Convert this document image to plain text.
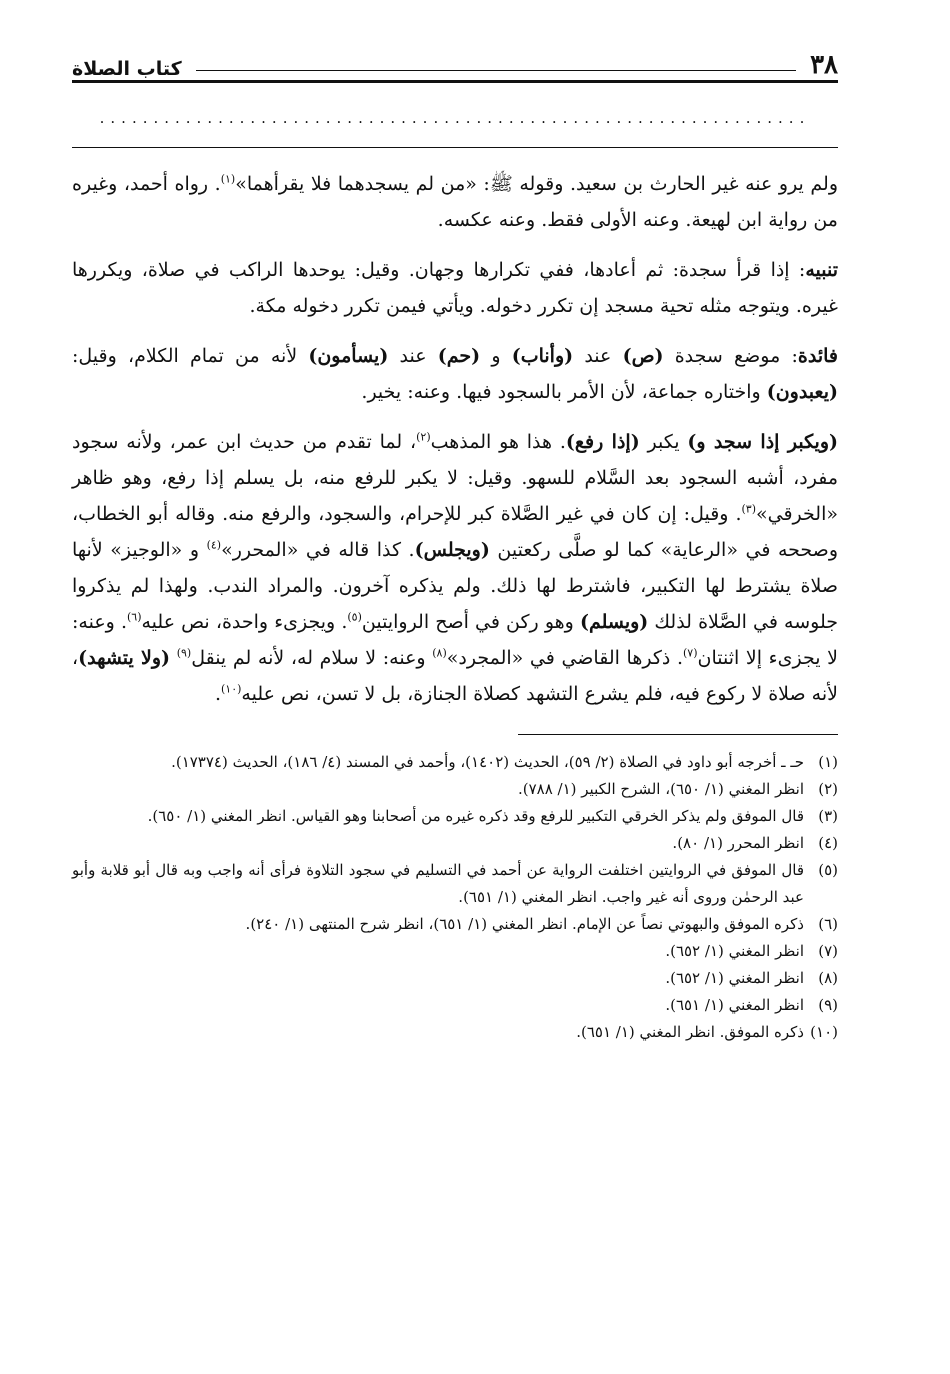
٣٨
كتاب الصلاة
..................................................................

ولم يرو عنه غير الحارث بن سعيد. وقوله ﷺ: «من لم يسجدهما فلا يقرأهما»$^{(١)}$. رواه أحمد، وغيره من رواية ابن لهيعة. وعنه الأولى فقط. وعنه عكسه.

تنبيه: إذا قرأ سجدة: ثم أعادها، ففي تكرارها وجهان. وقيل: يوحدها الراكب في صلاة، ويكررها غيره. ويتوجه مثله تحية مسجد إن تكرر دخوله. ويأتي فيمن تكرر دخوله مكة.

فائدة: موضع سجدة (ص) عند (وأناب) و (حم) عند (يسأمون) لأنه من تمام الكلام، وقيل: (يعبدون) واختاره جماعة، لأن الأمر بالسجود فيها. وعنه: يخير.

(ويكبر إذا سجد و) يكبر (إذا رفع). هذا هو المذهب$^{(٢)}$، لما تقدم من حديث ابن عمر، ولأنه سجود مفرد، أشبه السجود بعد السَّلام للسهو. وقيل: لا يكبر للرفع منه، بل يسلم إذا رفع، وهو ظاهر «الخرقي»$^{(٣)}$. وقيل: إن كان في غير الصَّلاة كبر للإحرام، والسجود، والرفع منه. وقاله أبو الخطاب، وصححه في «الرعاية» كما لو صلَّى ركعتين (ويجلس). كذا قاله في «المحرر»$^{(٤)}$ و «الوجيز» لأنها صلاة يشترط لها التكبير، فاشترط لها ذلك. ولم يذكره آخرون. والمراد الندب. ولهذا لم يذكروا جلوسه في الصَّلاة لذلك (ويسلم) وهو ركن في أصح الروايتين$^{(٥)}$. ويجزىء واحدة، نص عليه$^{(٦)}$. وعنه: لا يجزىء إلا اثنتان$^{(٧)}$. ذكرها القاضي في «المجرد»$^{(٨)}$ وعنه: لا سلام له، لأنه لم ينقل$^{(٩)}$ (ولا يتشهد)، لأنه صلاة لا ركوع فيه، فلم يشرع التشهد كصلاة الجنازة، بل لا تسن، نص عليه$^{(١٠)}$.

(١)
حـ ـ أخرجه أبو داود في الصلاة (٢/ ٥٩)، الحديث (١٤٠٢)، وأحمد في المسند (٤/ ١٨٦)، الحديث (١٧٣٧٤).
(٢)
انظر المغني (١/ ٦٥٠)، الشرح الكبير (١/ ٧٨٨).
(٣)
قال الموفق ولم يذكر الخرقي التكبير للرفع وقد ذكره غيره من أصحابنا وهو القياس. انظر المغني (١/ ٦٥٠).
(٤)
انظر المحرر (١/ ٨٠).
(٥)
قال الموفق في الروايتين اختلفت الرواية عن أحمد في التسليم في سجود التلاوة فرأى أنه واجب وبه قال أبو قلابة وأبو عبد الرحمٰن وروى أنه غير واجب. انظر المغني (١/ ٦٥١).
(٦)
ذكره الموفق والبهوتي نصاً عن الإمام. انظر المغني (١/ ٦٥١)، انظر شرح المنتهى (١/ ٢٤٠).
(٧)
انظر المغني (١/ ٦٥٢).
(٨)
انظر المغني (١/ ٦٥٢).
(٩)
انظر المغني (١/ ٦٥١).
(١٠)
ذكره الموفق. انظر المغني (١/ ٦٥١).
